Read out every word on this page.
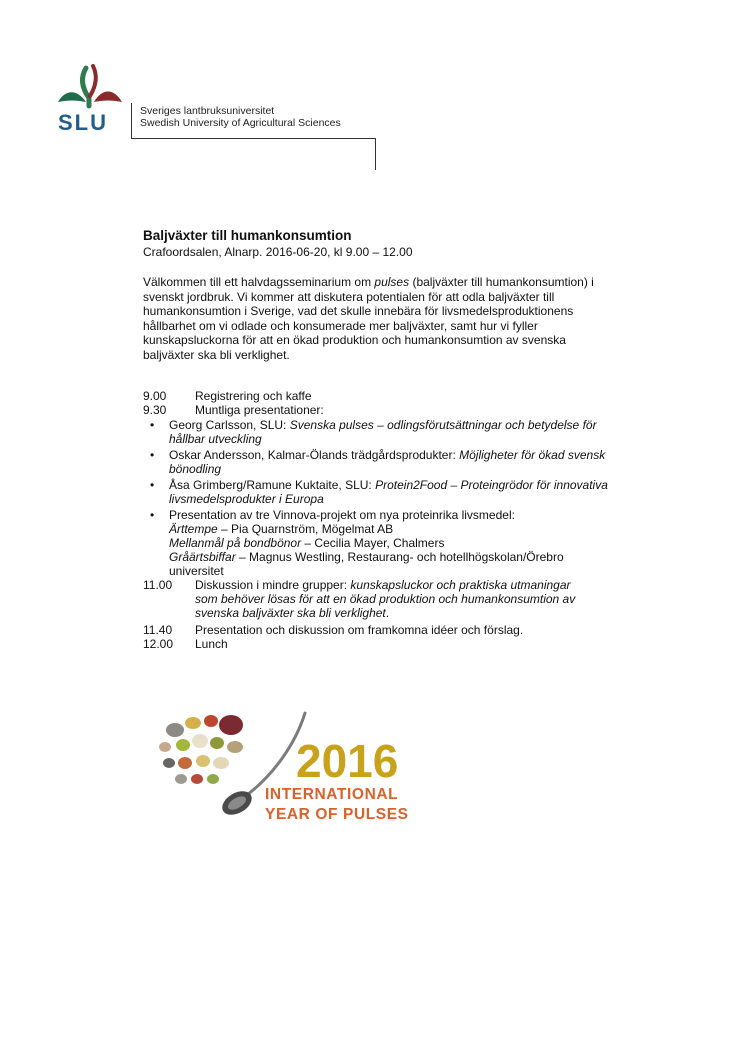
SLU	Sveriges lantbruksuniversitet
Swedish University of Agricultural Sciences
Baljväxter till humankonsumtion
Crafoordsalen, Alnarp. 2016-06-20, kl 9.00 – 12.00

Välkommen till ett halvdagsseminarium om pulses (baljväxter till humankonsumtion) i svenskt jordbruk. Vi kommer att diskutera potentialen för att odla baljväxter till humankonsumtion i Sverige, vad det skulle innebära för livsmedelsproduktionens hållbarhet om vi odlade och konsumerade mer baljväxter, samt hur vi fyller kunskapsluckorna för att en ökad produktion och humankonsumtion av svenska baljväxter ska bli verklighet.

9.00 Registrering och kaffe
9.30 Muntliga presentationer:
• Georg Carlsson, SLU: Svenska pulses – odlingsförutsättningar och betydelse för hållbar utveckling
• Oskar Andersson, Kalmar-Ölands trädgårdsprodukter: Möjligheter för ökad svensk bönodling
• Åsa Grimberg/Ramune Kuktaite, SLU: Protein2Food – Proteingrödor för innovativa livsmedelsprodukter i Europa
• Presentation av tre Vinnova-projekt om nya proteinrika livsmedel:
Ärttempe – Pia Quarnström, Mögelmat AB
Mellanmål på bondbönor – Cecilia Mayer, Chalmers
Gråärtsbiffar – Magnus Westling, Restaurang- och hotellhögskolan/Örebro
universitet
11.00 Diskussion i mindre grupper: kunskapsluckor och praktiska utmaningar
som behöver lösas för att en ökad produktion och humankonsumtion av
svenska baljväxter ska bli verklighet.
11.40 Presentation och diskussion om framkomna idéer och förslag.
12.00 Lunch
2016
INTERNATIONAL
YEAR OF PULSES
